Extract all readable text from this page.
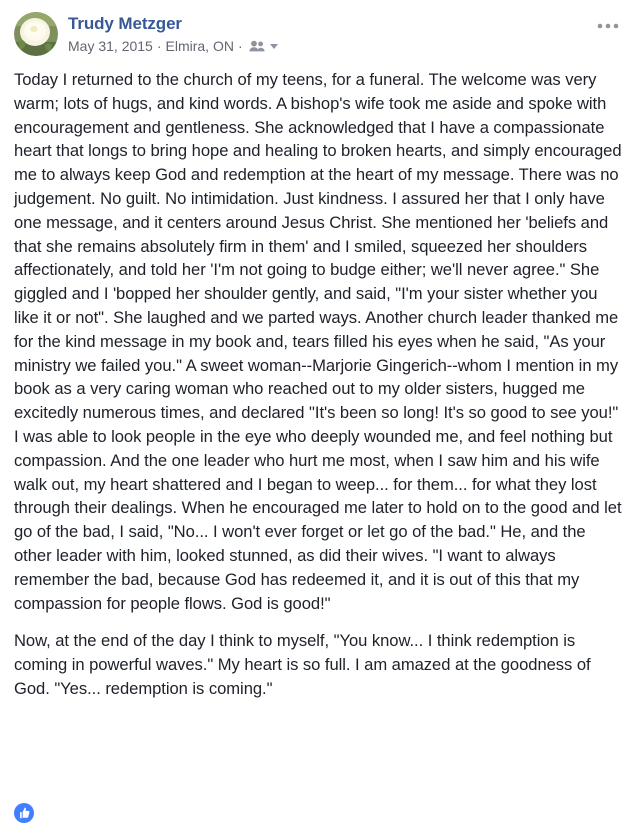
Trudy Metzger
May 31, 2015 · Elmira, ON ·

Today I returned to the church of my teens, for a funeral. The welcome was very warm; lots of hugs, and kind words. A bishop's wife took me aside and spoke with encouragement and gentleness. She acknowledged that I have a compassionate heart that longs to bring hope and healing to broken hearts, and simply encouraged me to always keep God and redemption at the heart of my message. There was no judgement. No guilt. No intimidation. Just kindness. I assured her that I only have one message, and it centers around Jesus Christ. She mentioned her 'beliefs and that she remains absolutely firm in them' and I smiled, squeezed her shoulders affectionately, and told her 'I'm not going to budge either; we'll never agree." She giggled and I 'bopped her shoulder gently, and said, "I'm your sister whether you like it or not". She laughed and we parted ways. Another church leader thanked me for the kind message in my book and, tears filled his eyes when he said, "As your ministry we failed you." A sweet woman--Marjorie Gingerich--whom I mention in my book as a very caring woman who reached out to my older sisters, hugged me excitedly numerous times, and declared "It's been so long! It's so good to see you!" I was able to look people in the eye who deeply wounded me, and feel nothing but compassion. And the one leader who hurt me most, when I saw him and his wife walk out, my heart shattered and I began to weep... for them... for what they lost through their dealings. When he encouraged me later to hold on to the good and let go of the bad, I said, "No... I won't ever forget or let go of the bad." He, and the other leader with him, looked stunned, as did their wives. "I want to always remember the bad, because God has redeemed it, and it is out of this that my compassion for people flows. God is good!"

Now, at the end of the day I think to myself, "You know... I think redemption is coming in powerful waves." My heart is so full. I am amazed at the goodness of God. "Yes... redemption is coming."
